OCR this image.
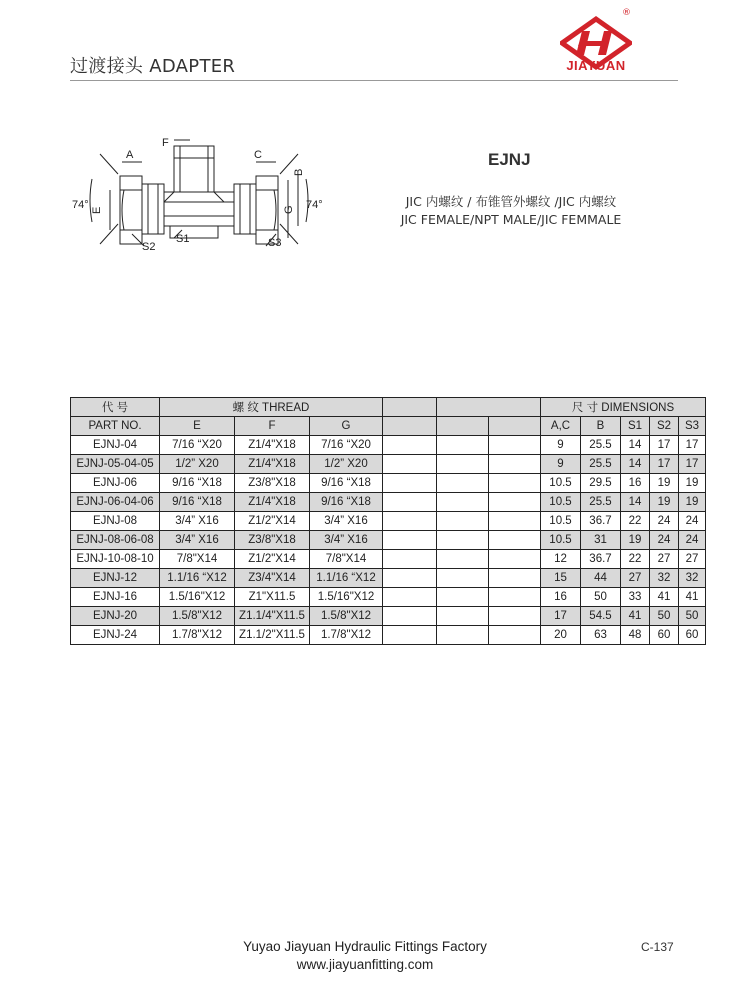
过渡接头 ADAPTER
®
JIAYUAN
A
F
C
E	G
B
74°	74°
S1
S2	S3
EJNJ
JIC 内螺纹 / 布锥管外螺纹 /JIC 内螺纹
JIC FEMALE/NPT MALE/JIC FEMMALE
代 号	螺 纹 THREAD						尺 寸 DIMENSIONS				
PART NO.	E	F	G				A,C	B	S1	S2	S3
EJNJ-04	7/16 “X20	Z1/4"X18	7/16 “X20				9	25.5	14	17	17
EJNJ-05-04-05	1/2” X20	Z1/4"X18	1/2” X20				9	25.5	14	17	17
EJNJ-06	9/16 “X18	Z3/8"X18	9/16 “X18				10.5	29.5	16	19	19
EJNJ-06-04-06	9/16 “X18	Z1/4"X18	9/16 “X18				10.5	25.5	14	19	19
EJNJ-08	3/4” X16	Z1/2"X14	3/4” X16				10.5	36.7	22	24	24
EJNJ-08-06-08	3/4” X16	Z3/8"X18	3/4” X16				10.5	31	19	24	24
EJNJ-10-08-10	7/8"X14	Z1/2"X14	7/8"X14				12	36.7	22	27	27
EJNJ-12	1.1/16 “X12	Z3/4"X14	1.1/16 “X12				15	44	27	32	32
EJNJ-16	1.5/16"X12	Z1"X11.5	1.5/16"X12				16	50	33	41	41
EJNJ-20	1.5/8"X12	Z1.1/4"X11.5	1.5/8"X12				17	54.5	41	50	50
EJNJ-24	1.7/8"X12	Z1.1/2"X11.5	1.7/8"X12				20	63	48	60	60
Yuyao Jiayuan Hydraulic Fittings Factory
www.jiayuanfitting.com
C-137
